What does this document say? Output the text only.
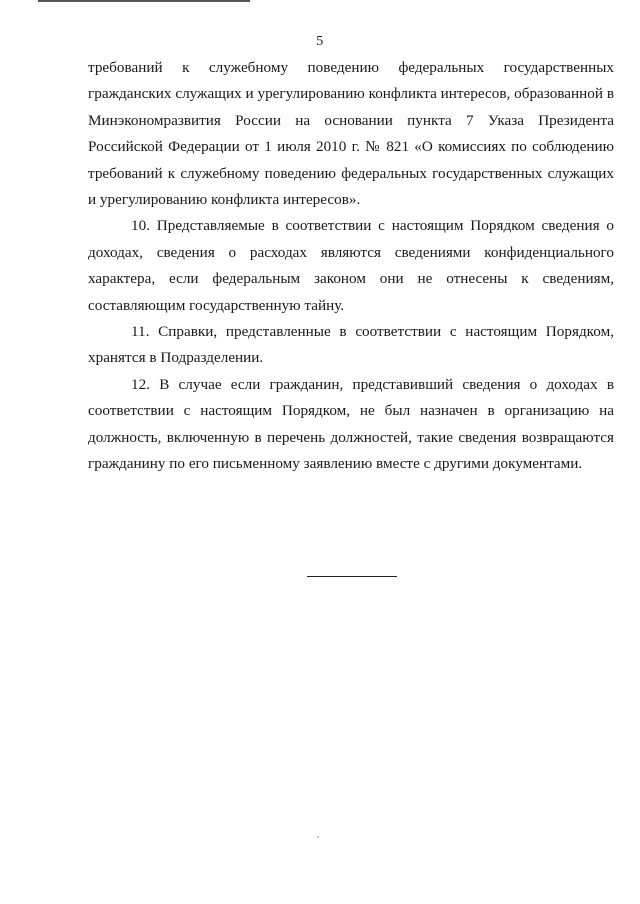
5

требований к служебному поведению федеральных государственных гражданских служащих и урегулированию конфликта интересов, образованной в Минэкономразвития России на основании пункта 7 Указа Президента Российской Федерации от 1 июля 2010 г. № 821 «О комиссиях по соблюдению требований к служебному поведению федеральных государственных служащих и урегулированию конфликта интересов».

10. Представляемые в соответствии с настоящим Порядком сведения о доходах, сведения о расходах являются сведениями конфиденциального характера, если федеральным законом они не отнесены к сведениям, составляющим государственную тайну.

11. Справки, представленные в соответствии с настоящим Порядком, хранятся в Подразделении.

12. В случае если гражданин, представивший сведения о доходах в соответствии с настоящим Порядком, не был назначен в организацию на должность, включенную в перечень должностей, такие сведения возвращаются гражданину по его письменному заявлению вместе с другими документами.
